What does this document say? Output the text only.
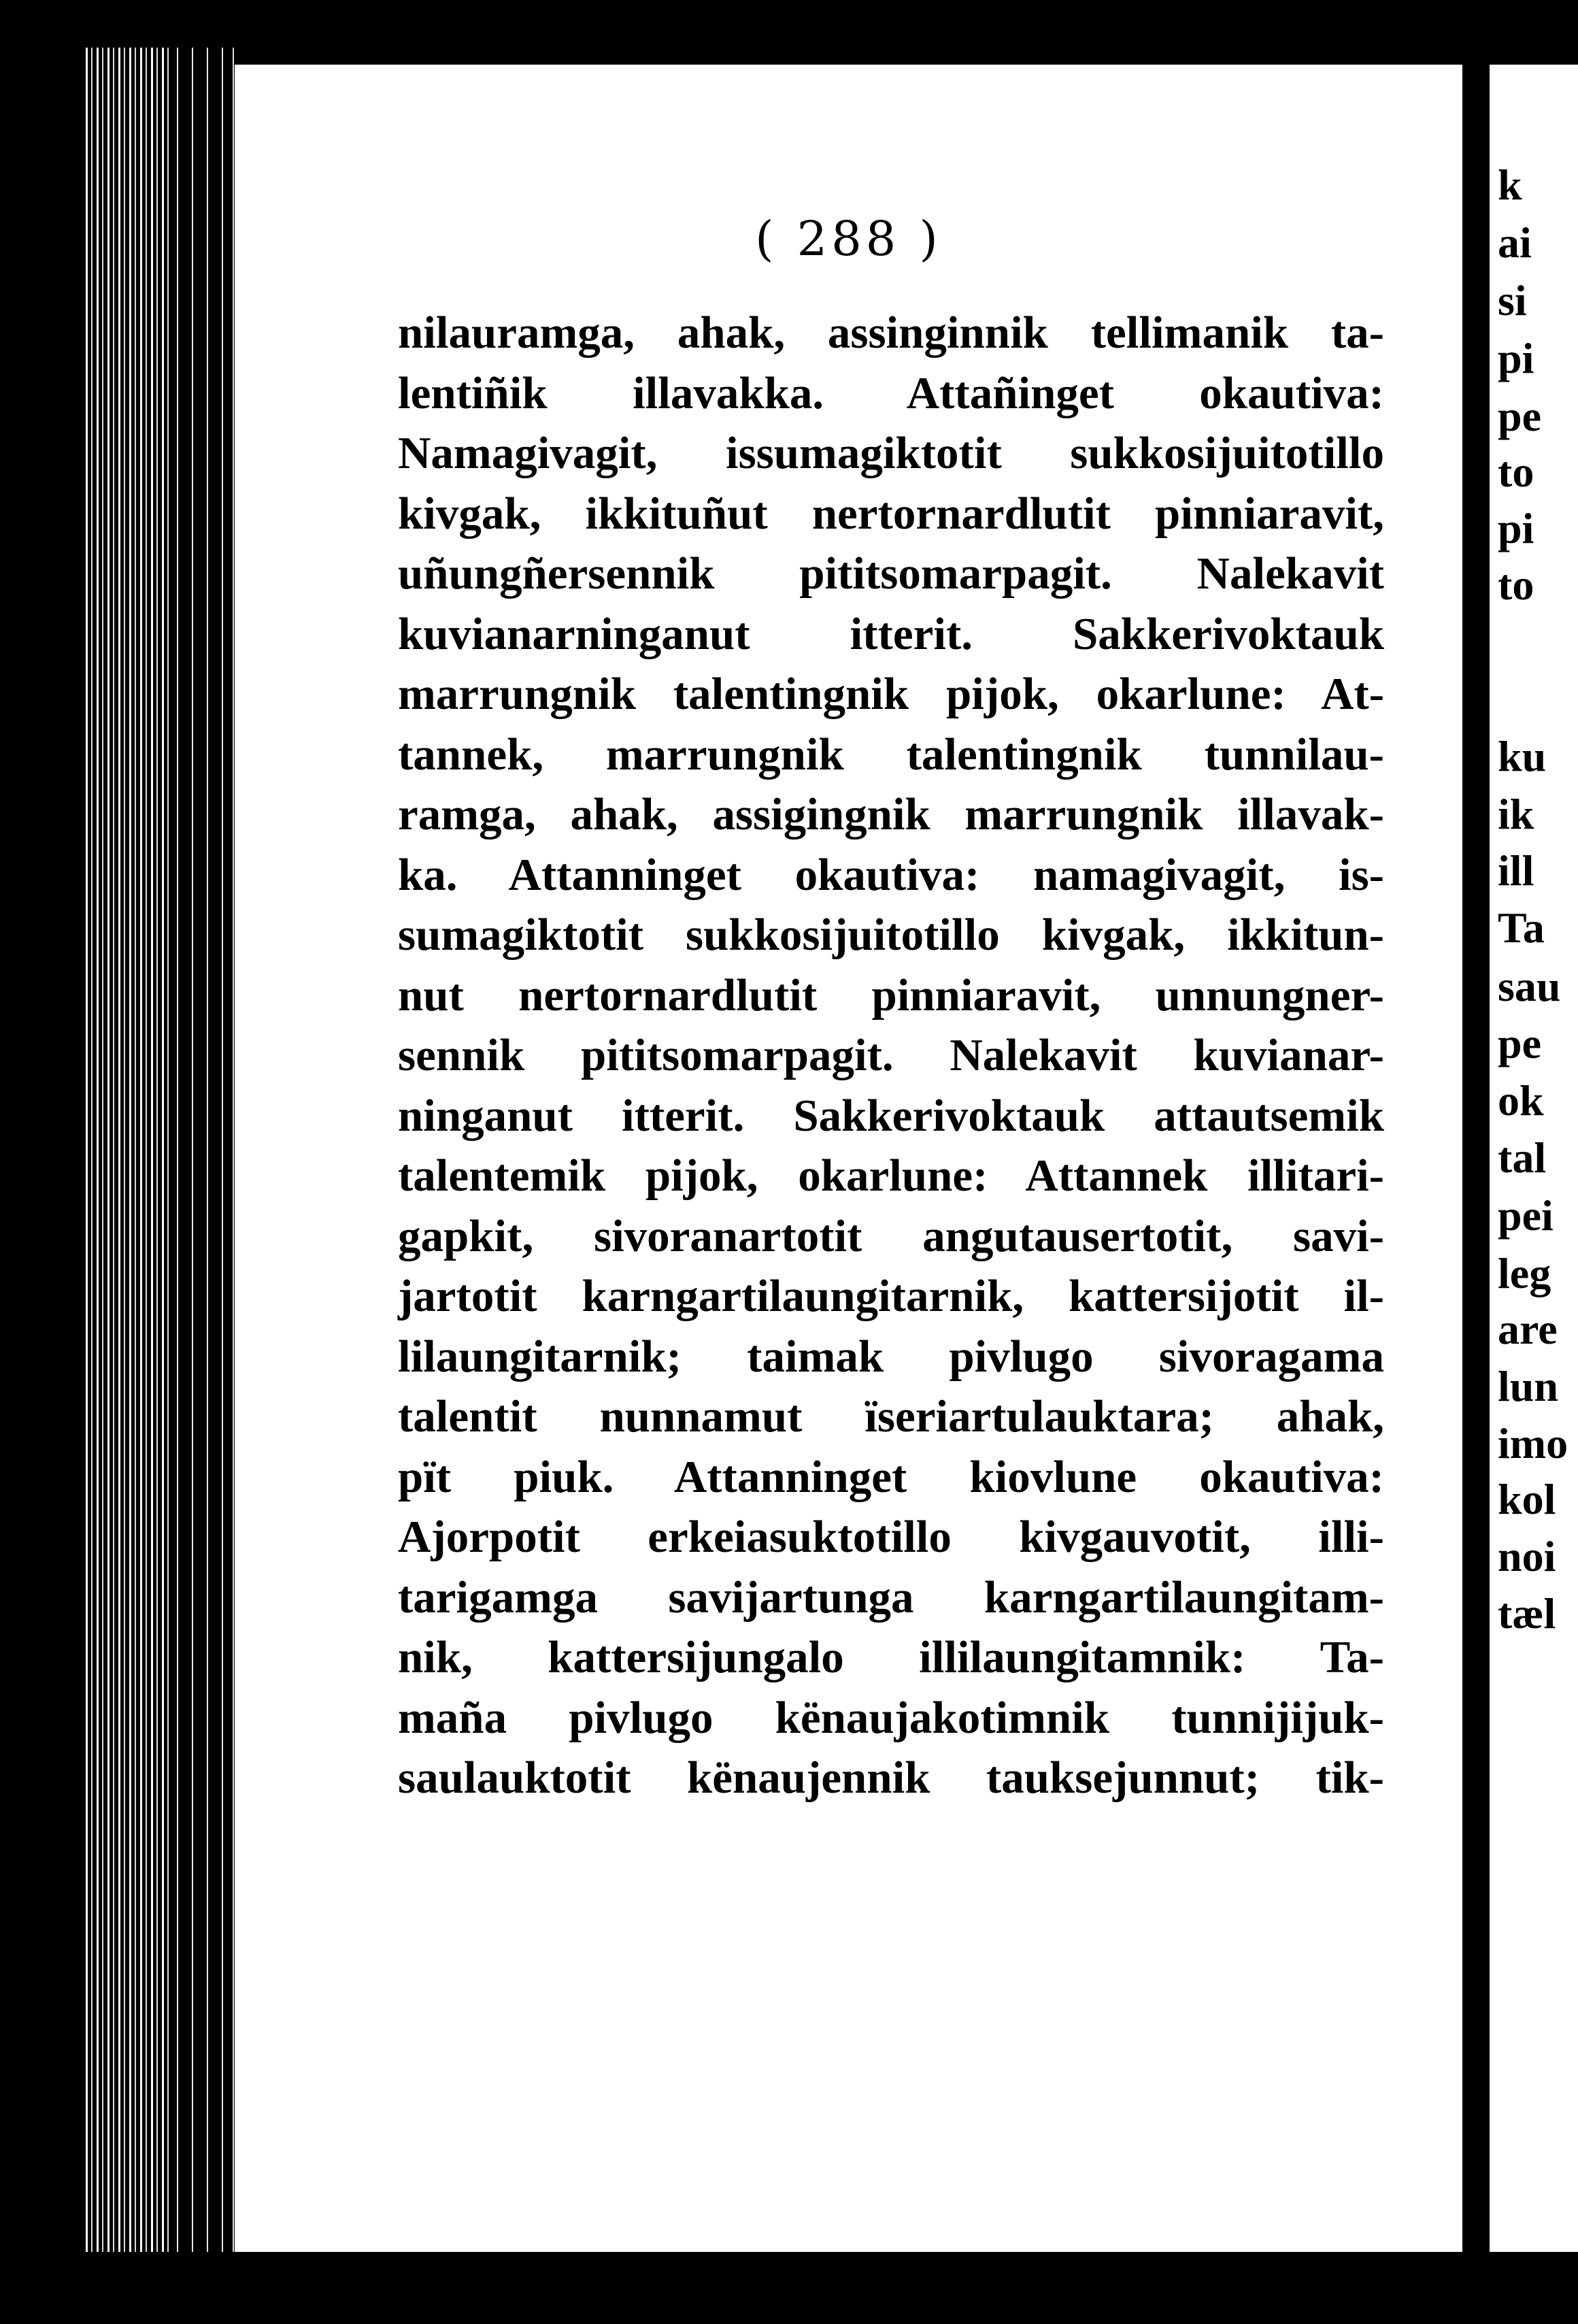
( 288 )
nilauramga, ahak, assinginnik tellimanik ta-
lentiñik illavakka. Attañinget okautiva:
Namagivagit, issumagiktotit sukkosijuitotillo
kivgak, ikkituñut nertornardlutit pinniaravit,
uñungñersennik pititsomarpagit. Nalekavit
kuvianarninganut itterit. Sakkerivoktauk
marrungnik talentingnik pijok, okarlune: At-
tannek, marrungnik talentingnik tunnilau-
ramga, ahak, assigingnik marrungnik illavak-
ka. Attanninget okautiva: namagivagit, is-
sumagiktotit sukkosijuitotillo kivgak, ikkitun-
nut nertornardlutit pinniaravit, unnungner-
sennik pititsomarpagit. Nalekavit kuvianar-
ninganut itterit. Sakkerivoktauk attautsemik
talentemik pijok, okarlune: Attannek illitari-
gapkit, sivoranartotit angutausertotit, savi-
jartotit karngartilaungitarnik, kattersijotit il-
lilaungitarnik; taimak pivlugo sivoragama
talentit nunnamut ïseriartulauktara; ahak,
pït piuk. Attanninget kiovlune okautiva:
Ajorpotit erkeiasuktotillo kivgauvotit, illi-
tarigamga savijartunga karngartilaungitam-
nik, kattersijungalo illilaungitamnik: Ta-
maña pivlugo kënaujakotimnik tunnijijuk-
saulauktotit kënaujennik tauksejunnut; tik-
k
ai
si
pi
pe
to
pi
to
ku
ik
ill
Ta
sau
pe
ok
tal
pei
leg
are
lun
imo
kol
noi
tæl
